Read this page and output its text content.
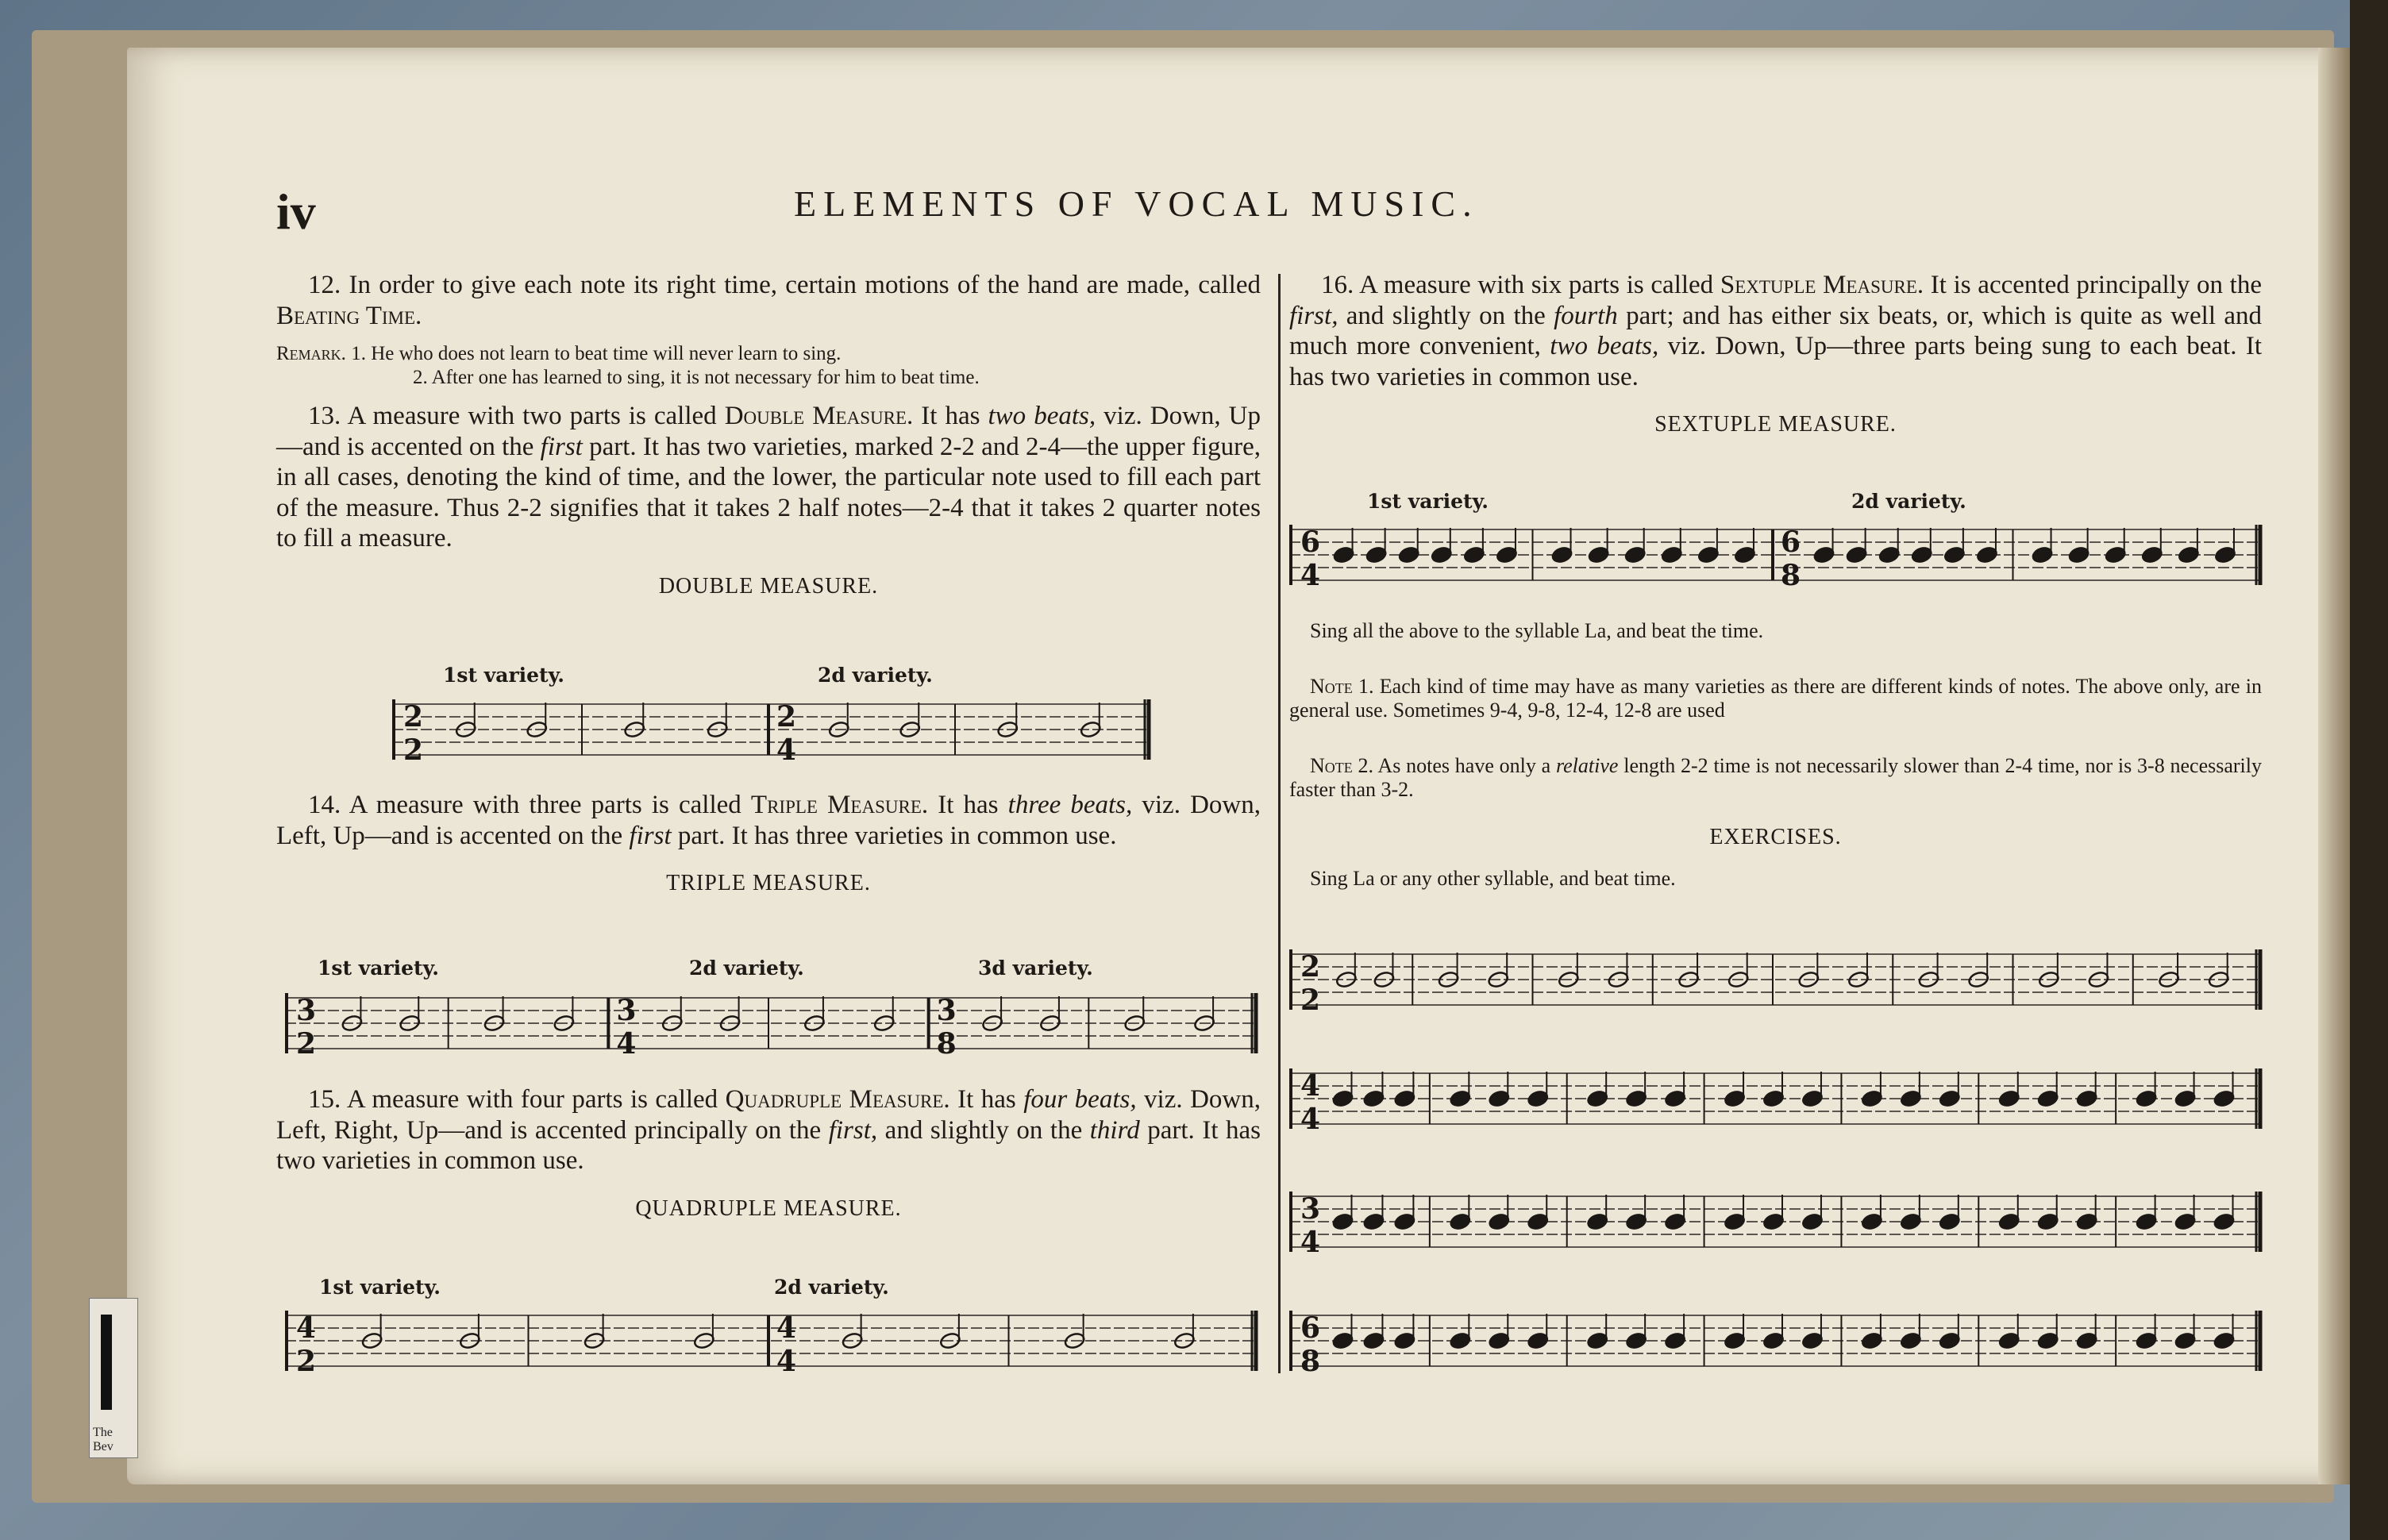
The
Bev
iv	ELEMENTS OF VOCAL MUSIC.

12. In order to give each note its right time, certain motions of the hand are made, called Beating Time.

Remark. 1. He who does not learn to beat time will never learn to sing.
2. After one has learned to sing, it is not necessary for him to beat time.

13. A measure with two parts is called Double Measure. It has two beats, viz. Down, Up—and is accented on the first part. It has two varieties, marked 2-2 and 2-4—the upper figure, in all cases, denoting the kind of time, and the lower, the particular note used to fill each part of the measure. Thus 2-2 signifies that it takes 2 half notes—2-4 that it takes 2 quarter notes to fill a measure.

DOUBLE MEASURE.
1st variety.	2d variety.
2
2
2
4

14. A measure with three parts is called Triple Measure. It has three beats, viz. Down, Left, Up—and is accented on the first part. It has three varieties in common use.

TRIPLE MEASURE.
1st variety.	2d variety.	3d variety.
3
2
3
4
3
8

15. A measure with four parts is called Quadruple Measure. It has four beats, viz. Down, Left, Right, Up—and is accented principally on the first, and slightly on the third part. It has two varieties in common use.

QUADRUPLE MEASURE.
1st variety.	2d variety.
4
2
4
4

16. A measure with six parts is called Sextuple Measure. It is accented principally on the first, and slightly on the fourth part; and has either six beats, or, which is quite as well and much more convenient, two beats, viz. Down, Up—three parts being sung to each beat. It has two varieties in common use.

SEXTUPLE MEASURE.
1st variety.	2d variety.
6
4
6
8

Sing all the above to the syllable La, and beat the time.

Note 1. Each kind of time may have as many varieties as there are different kinds of notes. The above only, are in general use. Sometimes 9-4, 9-8, 12-4, 12-8 are used

Note 2. As notes have only a relative length 2-2 time is not necessarily slower than 2-4 time, nor is 3-8 necessarily faster than 3-2.

EXERCISES.

Sing La or any other syllable, and beat time.

2
2
4
4
3
4
6
8
